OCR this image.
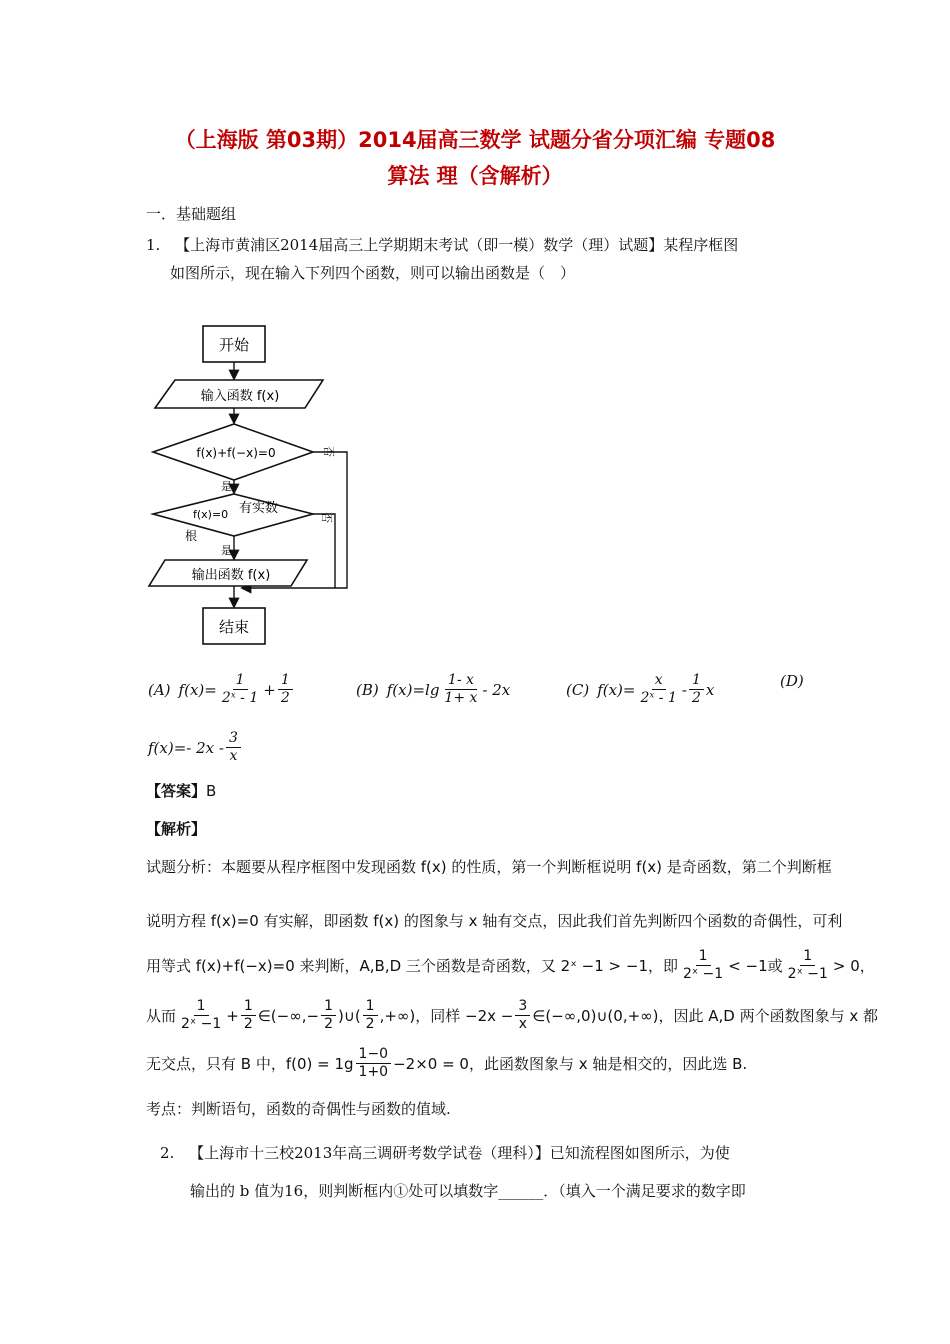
（上海版 第03期）2014届高三数学 试题分省分项汇编 专题08
算法 理（含解析）
一．基础题组
1. 【上海市黄浦区2014届高三上学期期末考试（即一模）数学（理）试题】某程序框图
如图所示，现在输入下列四个函数，则可以输出函数是（　）
开始
输入函数 f(x)
f(x)+f(−x)=0	否
是
f(x)=0 有实数
根
否
是
输出函数 f(x)
结束
(A) $f(x)= \frac{1}{\text{2ˣ - 1}} + \frac{1}{2}$	(B) $f(x)=\lg \frac{1- x}{1+ x} - 2x$	(C) $f(x)= \frac{x}{\text{2ˣ - 1}} - \frac{1}{2}$ x	(D)
f(x)=- $2x - \frac{3}{x}$
【答案】B
【解析】
试题分析：本题要从程序框图中发现函数 f(x) 的性质，第一个判断框说明 f(x) 是奇函数，第二个判断框
说明方程 f(x)=0 有实解，即函数 f(x) 的图象与 x 轴有交点，因此我们首先判断四个函数的奇偶性，可利
用等式 f(x)+f(−x)=0 来判断，A,B,D 三个函数是奇函数，又 2ˣ −1 > −1，即 $\frac{1}{\text{2ˣ −1}} < -1$或 $\frac{1}{\text{2ˣ −1}} > 0$，
从而 $\frac{1}{\text{2ˣ −1}} + \frac{1}{2}$ ∈(−∞,− $\frac{1}{2}$ )∪( $\frac{1}{2}$ ,+∞)，同样 $-2x - \frac{3}{x}$ ∈(−∞,0)∪(0,+∞)，因此 A,D 两个函数图象与 x 都
无交点，只有 B 中，$f(0) = 1g \frac{1-0}{1+0} -2\times 0 = 0$，此函数图象与 x 轴是相交的，因此选 B.
考点：判断语句，函数的奇偶性与函数的值域.
2. 【上海市十三校2013年高三调研考数学试卷（理科）】已知流程图如图所示，为使
输出的 b 值为16，则判断框内①处可以填数字______．（填入一个满足要求的数字即
